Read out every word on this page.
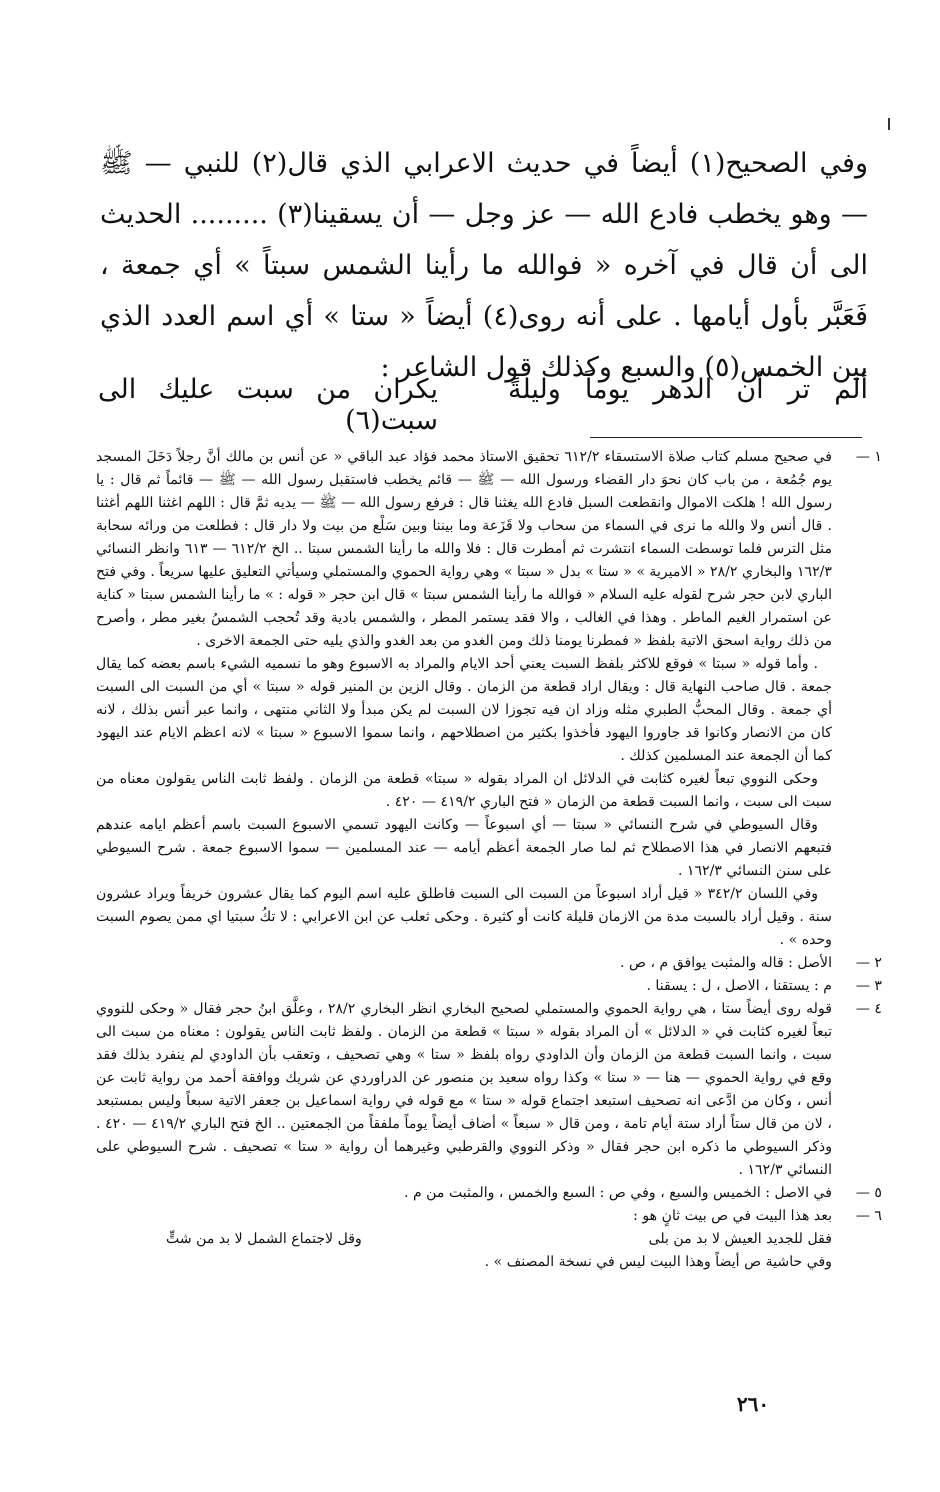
وفي الصحيح(١) أيضاً في حديث الاعرابي الذي قال(٢) للنبي — ﷺ — وهو يخطب فادع الله — عز وجل — أن يسقينا(٣) ......... الحديث الى أن قال في آخره « فوالله ما رأينا الشمس سبتاً » أي جمعة ، فَعَبَّر بأول أيامها . على أنه روى(٤) أيضاً « ستا » أي اسم العدد الذي بين الخمس(٥) والسبع وكذلك قول الشاعر :

ألم تر أن الدهر يوماً وليلةً
يكران من سبت عليك الى سبت(٦)
١ —

في صحيح مسلم كتاب صلاة الاستسقاء ٦١٢/٢ تحقيق الاستاذ محمد فؤاد عبد الباقي « عن أنس بن مالك أنَّ رجلاً دَخَلَ المسجد يوم جُمُعة ، من باب كان نحوَ دار القضاء ورسول الله — ﷺ — قائم يخطب فاستقبل رسول الله — ﷺ — قائماً ثم قال : يا رسول الله ! هلكت الاموال وانقطعت السبل فادع الله يغثنا قال : فرفع رسول الله — ﷺ — يديه ثمَّ قال : اللهم اغثنا اللهم أغثنا . قال أنس ولا والله ما نرى في السماء من سحاب ولا قَزَعة وما بيننا وبين سَلْع من بيت ولا دار قال : فطلعت من ورائه سحابة مثل الترس فلما توسطت السماء انتشرت ثم أمطرت قال : فلا والله ما رأينا الشمس سبتا .. الخ ٦١٢/٢ — ٦١٣ وانظر النسائي ١٦٢/٣ والبخاري ٢٨/٢ « الاميرية » « ستا » بدل « سبتا » وهي رواية الحموي والمستملي وسيأتي التعليق عليها سريعاً . وفي فتح الباري لابن حجر شرح لقوله عليه السلام « فوالله ما رأينا الشمس سبتا » قال ابن حجر « قوله : » ما رأينا الشمس سبتا « كناية عن استمرار الغيم الماطر . وهذا في الغالب ، والا فقد يستمر المطر ، والشمس بادية وقد تُحجب الشمسُ بغير مطر ، وأصرح من ذلك رواية اسحق الاتية بلفظ « فمطرنا يومنا ذلك ومن الغدو من بعد الغدو والذي يليه حتى الجمعة الاخرى .

. وأما قوله « سبتا » فوقع للاكثر بلفظ السبت يعني أحد الايام والمراد به الاسبوع وهو ما نسميه الشيء باسم بعضه كما يقال جمعة . قال صاحب النهاية قال : ويقال اراد قطعة من الزمان . وقال الزين بن المنير قوله « سبتا » أي من السبت الى السبت أي جمعة . وقال المحبُّ الطبري مثله وزاد ان فيه تجوزا لان السبت لم يكن مبدأ ولا الثاني منتهى ، وانما عبر أنس بذلك ، لانه كان من الانصار وكانوا قد جاوروا اليهود فأخذوا بكثير من اصطلاحهم ، وانما سموا الاسبوع « سبتا » لانه اعظم الايام عند اليهود كما أن الجمعة عند المسلمين كذلك .

وحكى النووي تبعاً لغيره كثابت في الدلائل ان المراد بقوله « سبتا» قطعة من الزمان . ولفظ ثابت الناس يقولون معناه من سبت الى سبت ، وانما السبت قطعة من الزمان « فتح الباري ٤١٩/٢ — ٤٢٠ .

وقال السيوطي في شرح النسائي « سبتا — أي اسبوعاً — وكانت اليهود تسمي الاسبوع السبت باسم أعظم ايامه عندهم فتبعهم الانصار في هذا الاصطلاح ثم لما صار الجمعة أعظم أيامه — عند المسلمين — سموا الاسبوع جمعة . شرح السيوطي على سنن النسائي ١٦٢/٣ .

وفي اللسان ٣٤٢/٢ « قيل أراد اسبوعاً من السبت الى السبت فاطلق عليه اسم اليوم كما يقال عشرون خريفاً ويراد عشرون سنة . وقيل أراد بالسبت مدة من الازمان قليلة كانت أو كثيرة . وحكى ثعلب عن ابن الاعرابي : لا تكُ سبتيا اي ممن يصوم السبت وحده » .

٢ —

الأصل : قاله والمثبت يوافق م ، ص .

٣ —

م : يستقنا ، الاصل ، ل : يسقنا .

٤ —

قوله روى أيضاً ستا ، هي رواية الحموي والمستملي لصحيح البخاري انظر البخاري ٢٨/٢ ، وعلَّق ابنُ حجر فقال « وحكى للنووي تبعاً لغيره كثابت في « الدلائل » أن المراد بقوله « سبتا » قطعة من الزمان . ولفظ ثابت الناس يقولون : معناه من سبت الى سبت ، وانما السبت قطعة من الزمان وأن الداودي رواه بلفظ « ستا » وهي تصحيف ، وتعقب بأن الداودي لم ينفرد بذلك فقد وقع في رواية الحموي — هنا — « ستا » وكذا رواه سعيد بن منصور عن الدراوردي عن شريك ووافقة أحمد من رواية ثابت عن أنس ، وكان من ادَّعى انه تصحيف استبعد اجتماع قوله « ستا » مع قوله في رواية اسماعيل بن جعفر الاتية سبعاً وليس بمستبعد ، لان من قال ستاً أراد ستة أيام تامة ، ومن قال « سبعاً » أضاف أيضاً يوماً ملفقاً من الجمعتين .. الخ فتح الباري ٤١٩/٢ — ٤٢٠ . وذكر السيوطي ما ذكره ابن حجر فقال « وذكر النووي والقرطبي وغيرهما أن رواية « ستا » تصحيف . شرح السيوطي على النسائي ١٦٢/٣ .

٥ —

في الاصل : الخميس والسبع ، وفي ص : السبع والخمس ، والمثبت من م .

٦ —

بعد هذا البيت في ص بيت ثانٍ هو :

فقل للجديد العيش لا بد من بلى
وقل لاجتماع الشمل لا بد من شتٍّ

وفي حاشية ص أيضاً وهذا البيت ليس في نسخة المصنف » .

٢٦٠
